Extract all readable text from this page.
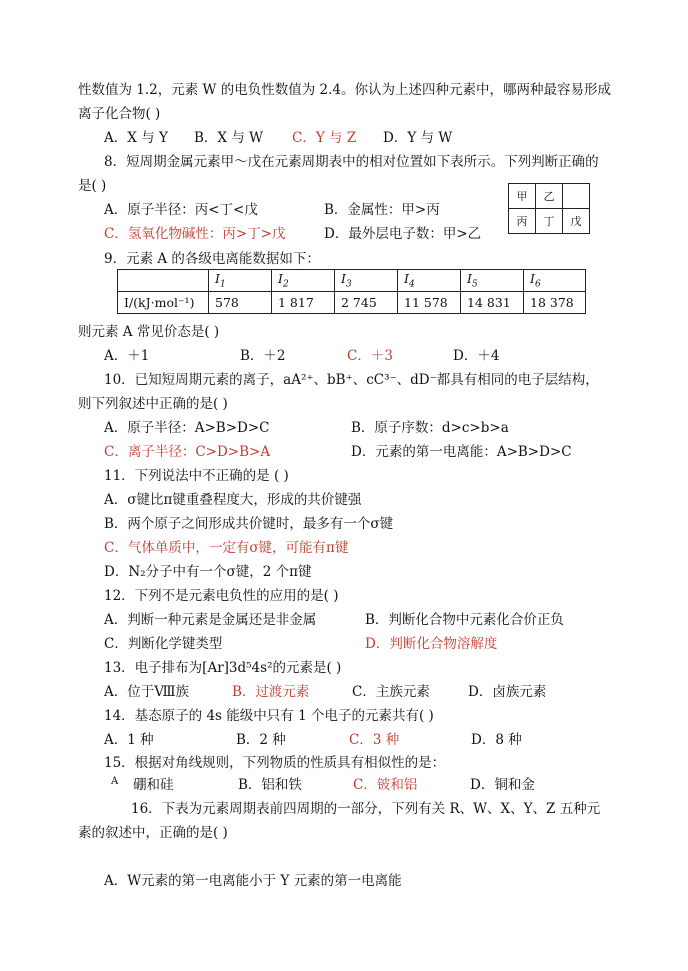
性数值为 1.2，元素 W 的电负性数值为 2.4。你认为上述四种元素中，哪两种最容易形成
离子化合物( )
A．X 与 Y B．X 与 W C．Y 与 Z D．Y 与 W
8．短周期金属元素甲～戊在元素周期表中的相对位置如下表所示。下列判断正确的
是( )
甲	乙	
丙	丁	戊
A．原子半径：丙<丁<戊	B．金属性：甲>丙
C．氢氧化物碱性：丙>丁>戊	D．最外层电子数：甲>乙
9．元素 A 的各级电离能数据如下：
	$I_1$	$I_2$	$I_3$	$I_4$	$I_5$	$I_6$
I/(kJ·mol⁻¹)	578	1 817	2 745	11 578	14 831	18 378
则元素 A 常见价态是( )
A．＋1	B．＋2	C．＋3	D．＋4
10．已知短周期元素的离子，aA²⁺、bB⁺、cC³⁻、dD⁻都具有相同的电子层结构，
则下列叙述中正确的是( )
A．原子半径：A>B>D>C	B．原子序数：d>c>b>a
C．离子半径：C>D>B>A	D．元素的第一电离能：A>B>D>C
11．下列说法中不正确的是 ( )
A．σ键比π键重叠程度大，形成的共价键强
B．两个原子之间形成共价键时，最多有一个σ键
C．气体单质中，一定有σ键，可能有π键
D．N₂分子中有一个σ键，2 个π键
12．下列不是元素电负性的应用的是( )
A．判断一种元素是金属还是非金属	B．判断化合物中元素化合价正负
C．判断化学键类型	D．判断化合物溶解度
13．电子排布为[Ar]3d⁵4s²的元素是( )
A．位于Ⅷ族	B．过渡元素	C．主族元素	D．卤族元素
14．基态原子的 4s 能级中只有 1 个电子的元素共有( )
A．1 种	B．2 种	C．3 种	D．8 种
15．根据对角线规则，下列物质的性质具有相似性的是：
A 硼和硅	B．铝和铁	C．铍和铝	D．铜和金
16．下表为元素周期表前四周期的一部分，下列有关 R、W、X、Y、Z 五种元
素的叙述中，正确的是( )
A．W元素的第一电离能小于 Y 元素的第一电离能
